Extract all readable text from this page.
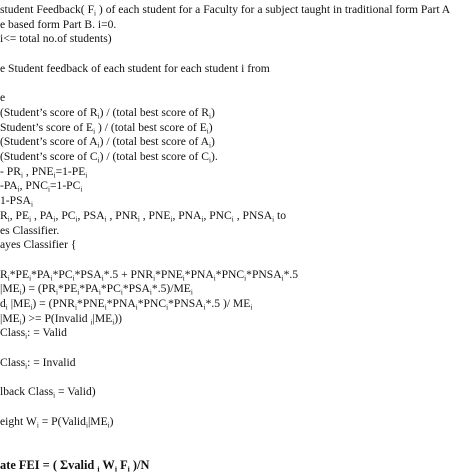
student Feedback( $F_i$ ) of each student for a Faculty for a subject taught in traditional form Part A
e based form Part B. i=0.
i<= total no.of students)
e Student feedback of each student for each student i from
e
(Student’s score of $R_i$) / (total best score of $R_i$)
Student’s score of $E_i$ ) / (total best score of $E_i$)
(Student’s score of $A_i$) / (total best score of $A_i$)
(Student’s score of $C_i$) / (total best score of $C_i$).
- $PR_i$ , $PNE_i=1-PE_i$
$-PA_i$, $PNC_i=1-PC_i$
$1-PSA_i$
$R_i$, $PE_i$ , $PA_i$, $PC_i$, $PSA_i$ , $PNR_i$ , $PNE_i$, $PNA_i$, $PNC_i$ , $PNSA_i$ to
es Classifier.
ayes Classifier {
$R_i*PE_i*PA_i*PC_i*PSA_i*.5$ + $PNR_i*PNE_i*PNA_i*PNC_i*PNSA_i*.5$
$|ME_i) = (PR_i*PE_i*PA_i*PC_i*PSA_i*.5)/ME_i$
$d_i$ $|ME_i$) = ($PNR_i*PNE_i*PNA_i*PNC_i*PNSA_i*.5$ )/ $ME_i$
$|ME_i$) >= P(Invalid $_i|ME_i$))
Class$_i$: = Valid
Class$_i$: = Invalid
lback Class$_i$ = Valid)
eight $W_i$ = $P(Valid_i|ME_i)$
ate FEI = ( Σvalid $_i$ $W_i$ $F_i$ )/N
